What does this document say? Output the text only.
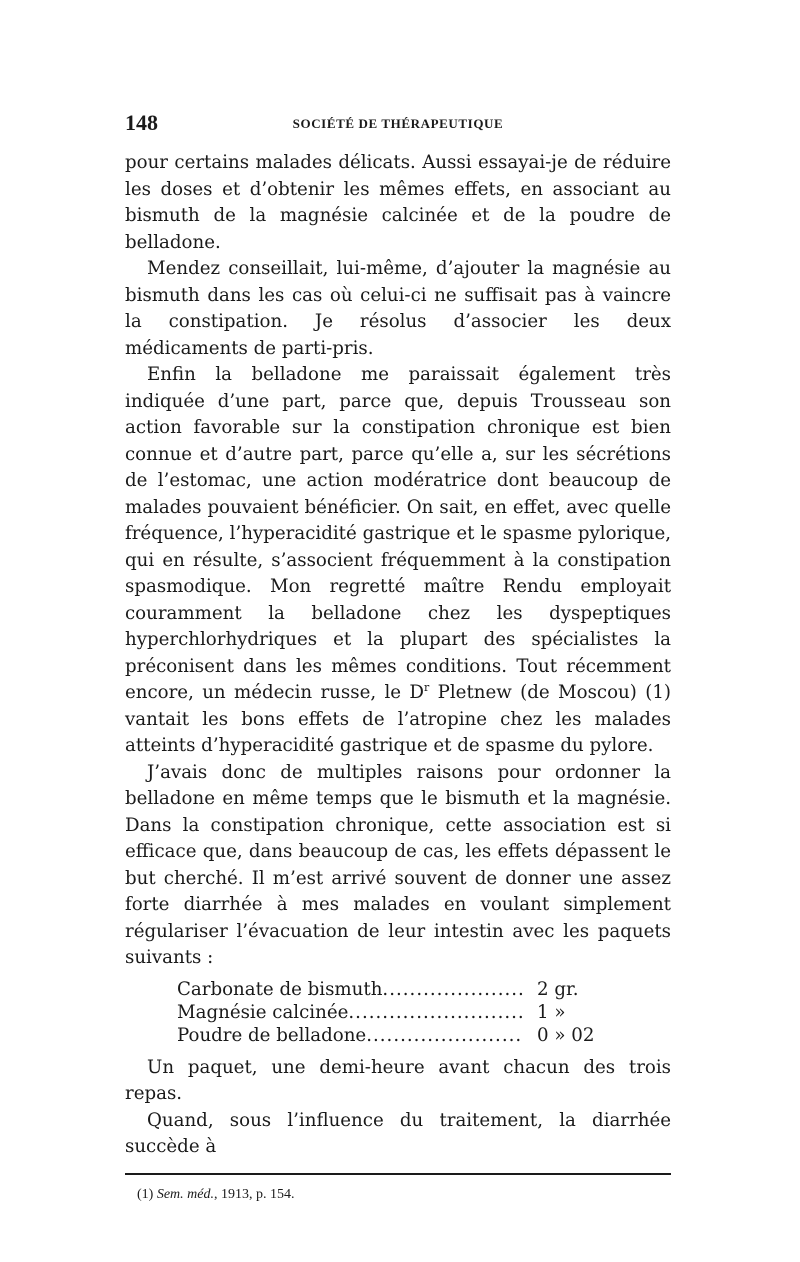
148	SOCIÉTÉ DE THÉRAPEUTIQUE

pour certains malades délicats. Aussi essayai-je de réduire les doses et d’obtenir les mêmes effets, en associant au bismuth de la magnésie calcinée et de la poudre de belladone.

Mendez conseillait, lui-même, d’ajouter la magnésie au bismuth dans les cas où celui-ci ne suffisait pas à vaincre la constipation. Je résolus d’associer les deux médicaments de parti-pris.

Enfin la belladone me paraissait également très indiquée d’une part, parce que, depuis Trousseau son action favorable sur la constipation chronique est bien connue et d’autre part, parce qu’elle a, sur les sécrétions de l’estomac, une action modératrice dont beaucoup de malades pouvaient bénéficier. On sait, en effet, avec quelle fréquence, l’hyperacidité gastrique et le spasme pylorique, qui en résulte, s’associent fréquemment à la constipation spasmodique. Mon regretté maître Rendu employait couramment la belladone chez les dyspeptiques hyperchlorhydriques et la plupart des spécialistes la préconisent dans les mêmes conditions. Tout récemment encore, un médecin russe, le $D^r$ Pletnew (de Moscou) (1) vantait les bons effets de l’atropine chez les malades atteints d’hyperacidité gastrique et de spasme du pylore.

J’avais donc de multiples raisons pour ordonner la belladone en même temps que le bismuth et la magnésie. Dans la constipation chronique, cette association est si efficace que, dans beaucoup de cas, les effets dépassent le but cherché. Il m’est arrivé souvent de donner une assez forte diarrhée à mes malades en voulant simplement régulariser l’évacuation de leur intestin avec les paquets suivants :

Carbonate de bismuth .....	2 gr.
Magnésie calcinée .....	1 »
Poudre de belladone .....	0 » 02

Un paquet, une demi-heure avant chacun des trois repas.

Quand, sous l’influence du traitement, la diarrhée succède à

(1) Sem. méd., 1913, p. 154.
